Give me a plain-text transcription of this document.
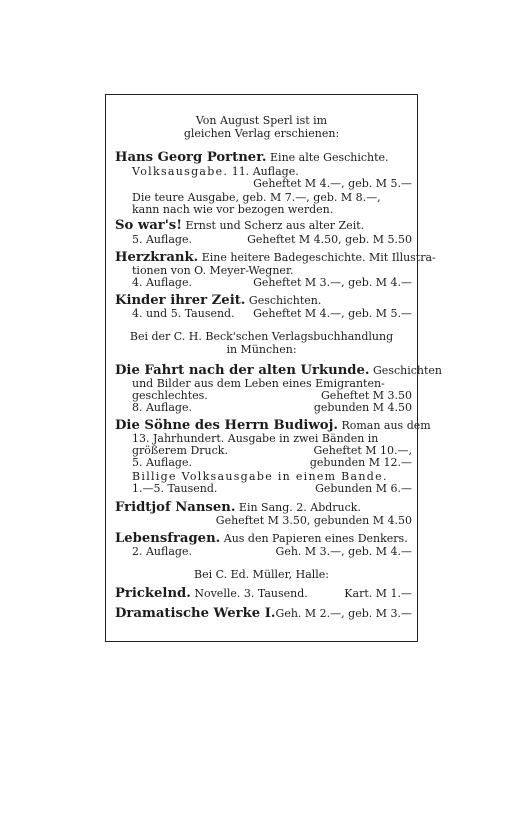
Von August Sperl ist im
gleichen Verlag erschienen:
Hans Georg Portner. Eine alte Geschichte.
Volksausgabe. 11. Auflage.
Geheftet M 4.—, geb. M 5.—
Die teure Ausgabe, geb. M 7.—, geb. M 8.—,
kann nach wie vor bezogen werden.
So war's! Ernst und Scherz aus alter Zeit.
5. Auflage.	Geheftet M 4.50, geb. M 5.50
Herzkrank. Eine heitere Badegeschichte. Mit Illustra-
tionen von O. Meyer-Wegner.
4. Auflage.	Geheftet M 3.—, geb. M 4.—
Kinder ihrer Zeit. Geschichten.
4. und 5. Tausend. Geheftet M 4.—, geb. M 5.—
Bei der C. H. Beck'schen Verlagsbuchhandlung
in München:
Die Fahrt nach der alten Urkunde. Geschichten
und Bilder aus dem Leben eines Emigranten-
geschlechtes.	Geheftet M 3.50
8. Auflage.	gebunden M 4.50
Die Söhne des Herrn Budiwoj. Roman aus dem
13. Jahrhundert. Ausgabe in zwei Bänden in
größerem Druck.	Geheftet M 10.—,
5. Auflage.	gebunden M 12.—
Billige Volksausgabe in einem Bande.
1.—5. Tausend.	Gebunden M 6.—
Fridtjof Nansen. Ein Sang. 2. Abdruck.
Geheftet M 3.50, gebunden M 4.50
Lebensfragen. Aus den Papieren eines Denkers.
2. Auflage.	Geh. M 3.—, geb. M 4.—
Bei C. Ed. Müller, Halle:
Prickelnd. Novelle. 3. Tausend.	Kart. M 1.—
Dramatische Werke I. Geh. M 2.—, geb. M 3.—
